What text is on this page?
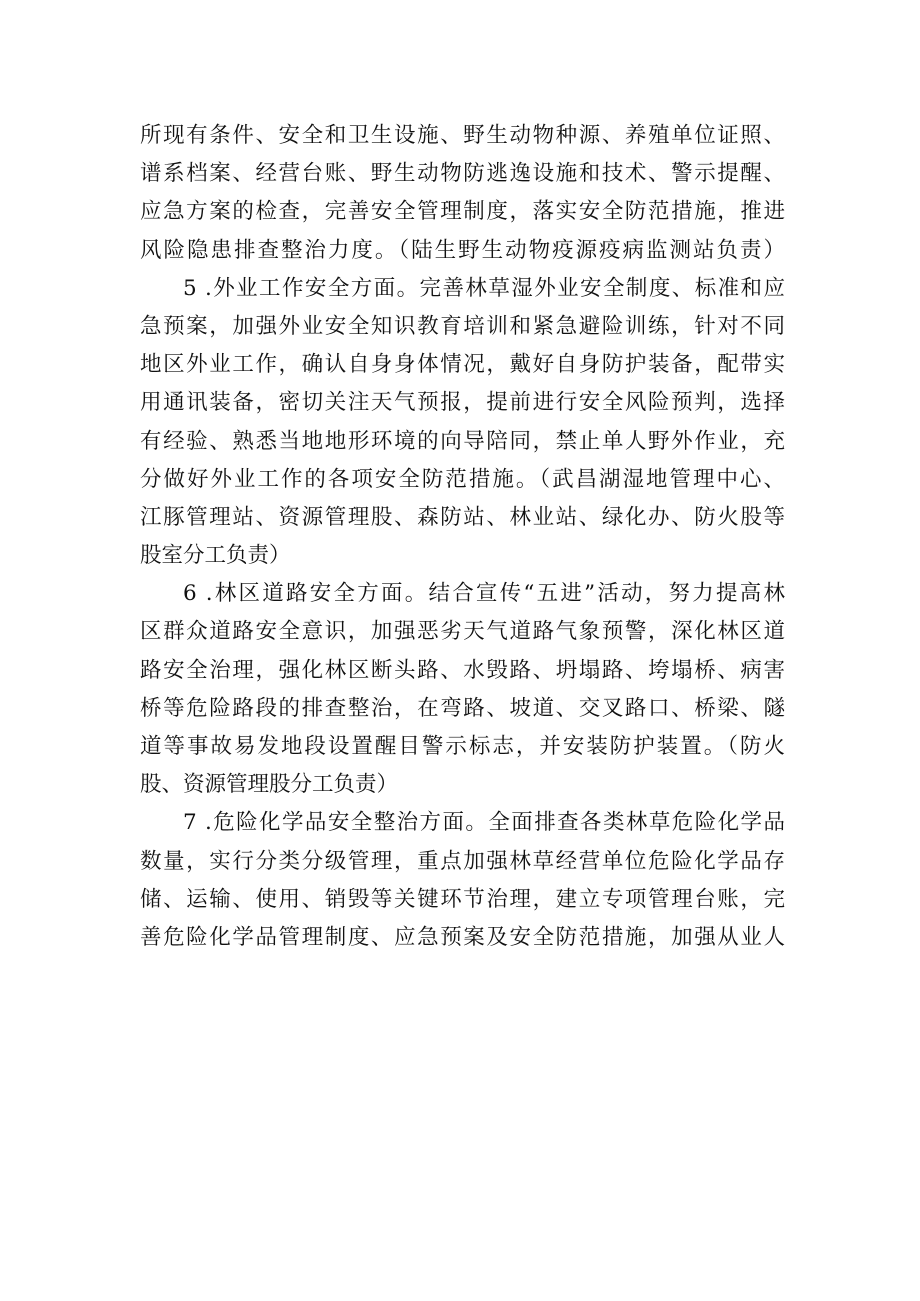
所现有条件、安全和卫生设施、野生动物种源、养殖单位证照、
谱系档案、经营台账、野生动物防逃逸设施和技术、警示提醒、
应急方案的检查，完善安全管理制度，落实安全防范措施，推进
风险隐患排查整治力度。（陆生野生动物疫源疫病监测站负责）
5 .外业工作安全方面。完善林草湿外业安全制度、标准和应
急预案，加强外业安全知识教育培训和紧急避险训练，针对不同
地区外业工作，确认自身身体情况，戴好自身防护装备，配带实
用通讯装备，密切关注天气预报，提前进行安全风险预判，选择
有经验、熟悉当地地形环境的向导陪同，禁止单人野外作业，充
分做好外业工作的各项安全防范措施。（武昌湖湿地管理中心、
江豚管理站、资源管理股、森防站、林业站、绿化办、防火股等
股室分工负责）
6 .林区道路安全方面。结合宣传“五进”活动，努力提高林
区群众道路安全意识，加强恶劣天气道路气象预警，深化林区道
路安全治理，强化林区断头路、水毁路、坍塌路、垮塌桥、病害
桥等危险路段的排查整治，在弯路、坡道、交叉路口、桥梁、隧
道等事故易发地段设置醒目警示标志，并安装防护装置。（防火
股、资源管理股分工负责）
7 .危险化学品安全整治方面。全面排查各类林草危险化学品
数量，实行分类分级管理，重点加强林草经营单位危险化学品存
储、运输、使用、销毁等关键环节治理，建立专项管理台账，完
善危险化学品管理制度、应急预案及安全防范措施，加强从业人
